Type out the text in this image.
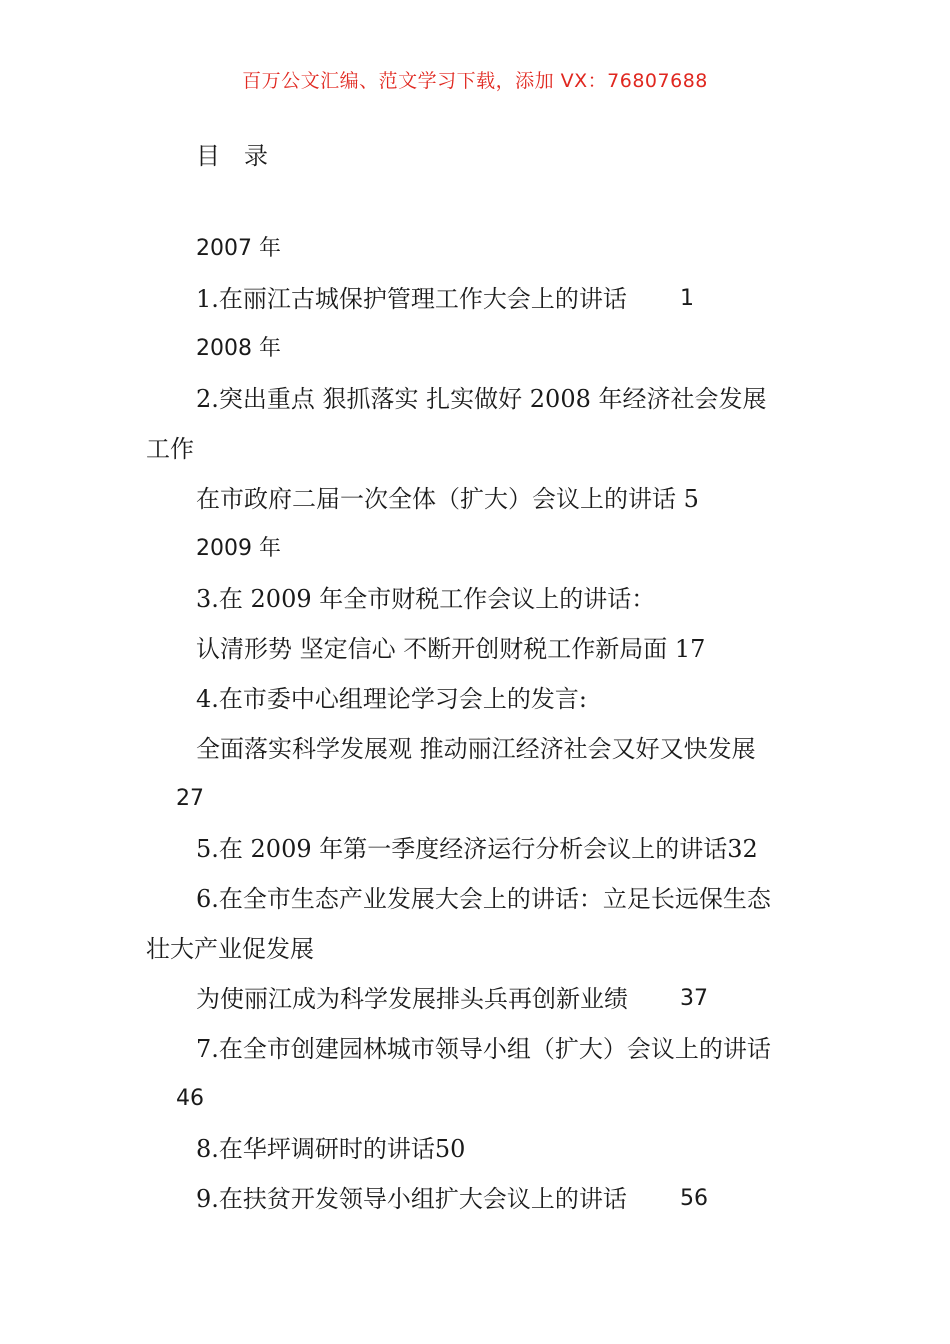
百万公文汇编、范文学习下载，添加 VX：76807688
目 录
2007 年
1.在丽江古城保护管理工作大会上的讲话 1
2008 年
2.突出重点 狠抓落实 扎实做好 2008 年经济社会发展
工作
在市政府二届一次全体（扩大）会议上的讲话 5
2009 年
3.在 2009 年全市财税工作会议上的讲话：
认清形势 坚定信心 不断开创财税工作新局面 17
4.在市委中心组理论学习会上的发言:
全面落实科学发展观 推动丽江经济社会又好又快发展
27
5.在 2009 年第一季度经济运行分析会议上的讲话32
6.在全市生态产业发展大会上的讲话：立足长远保生态
壮大产业促发展
为使丽江成为科学发展排头兵再创新业绩 37
7.在全市创建园林城市领导小组（扩大）会议上的讲话
46
8.在华坪调研时的讲话50
9.在扶贫开发领导小组扩大会议上的讲话 56
